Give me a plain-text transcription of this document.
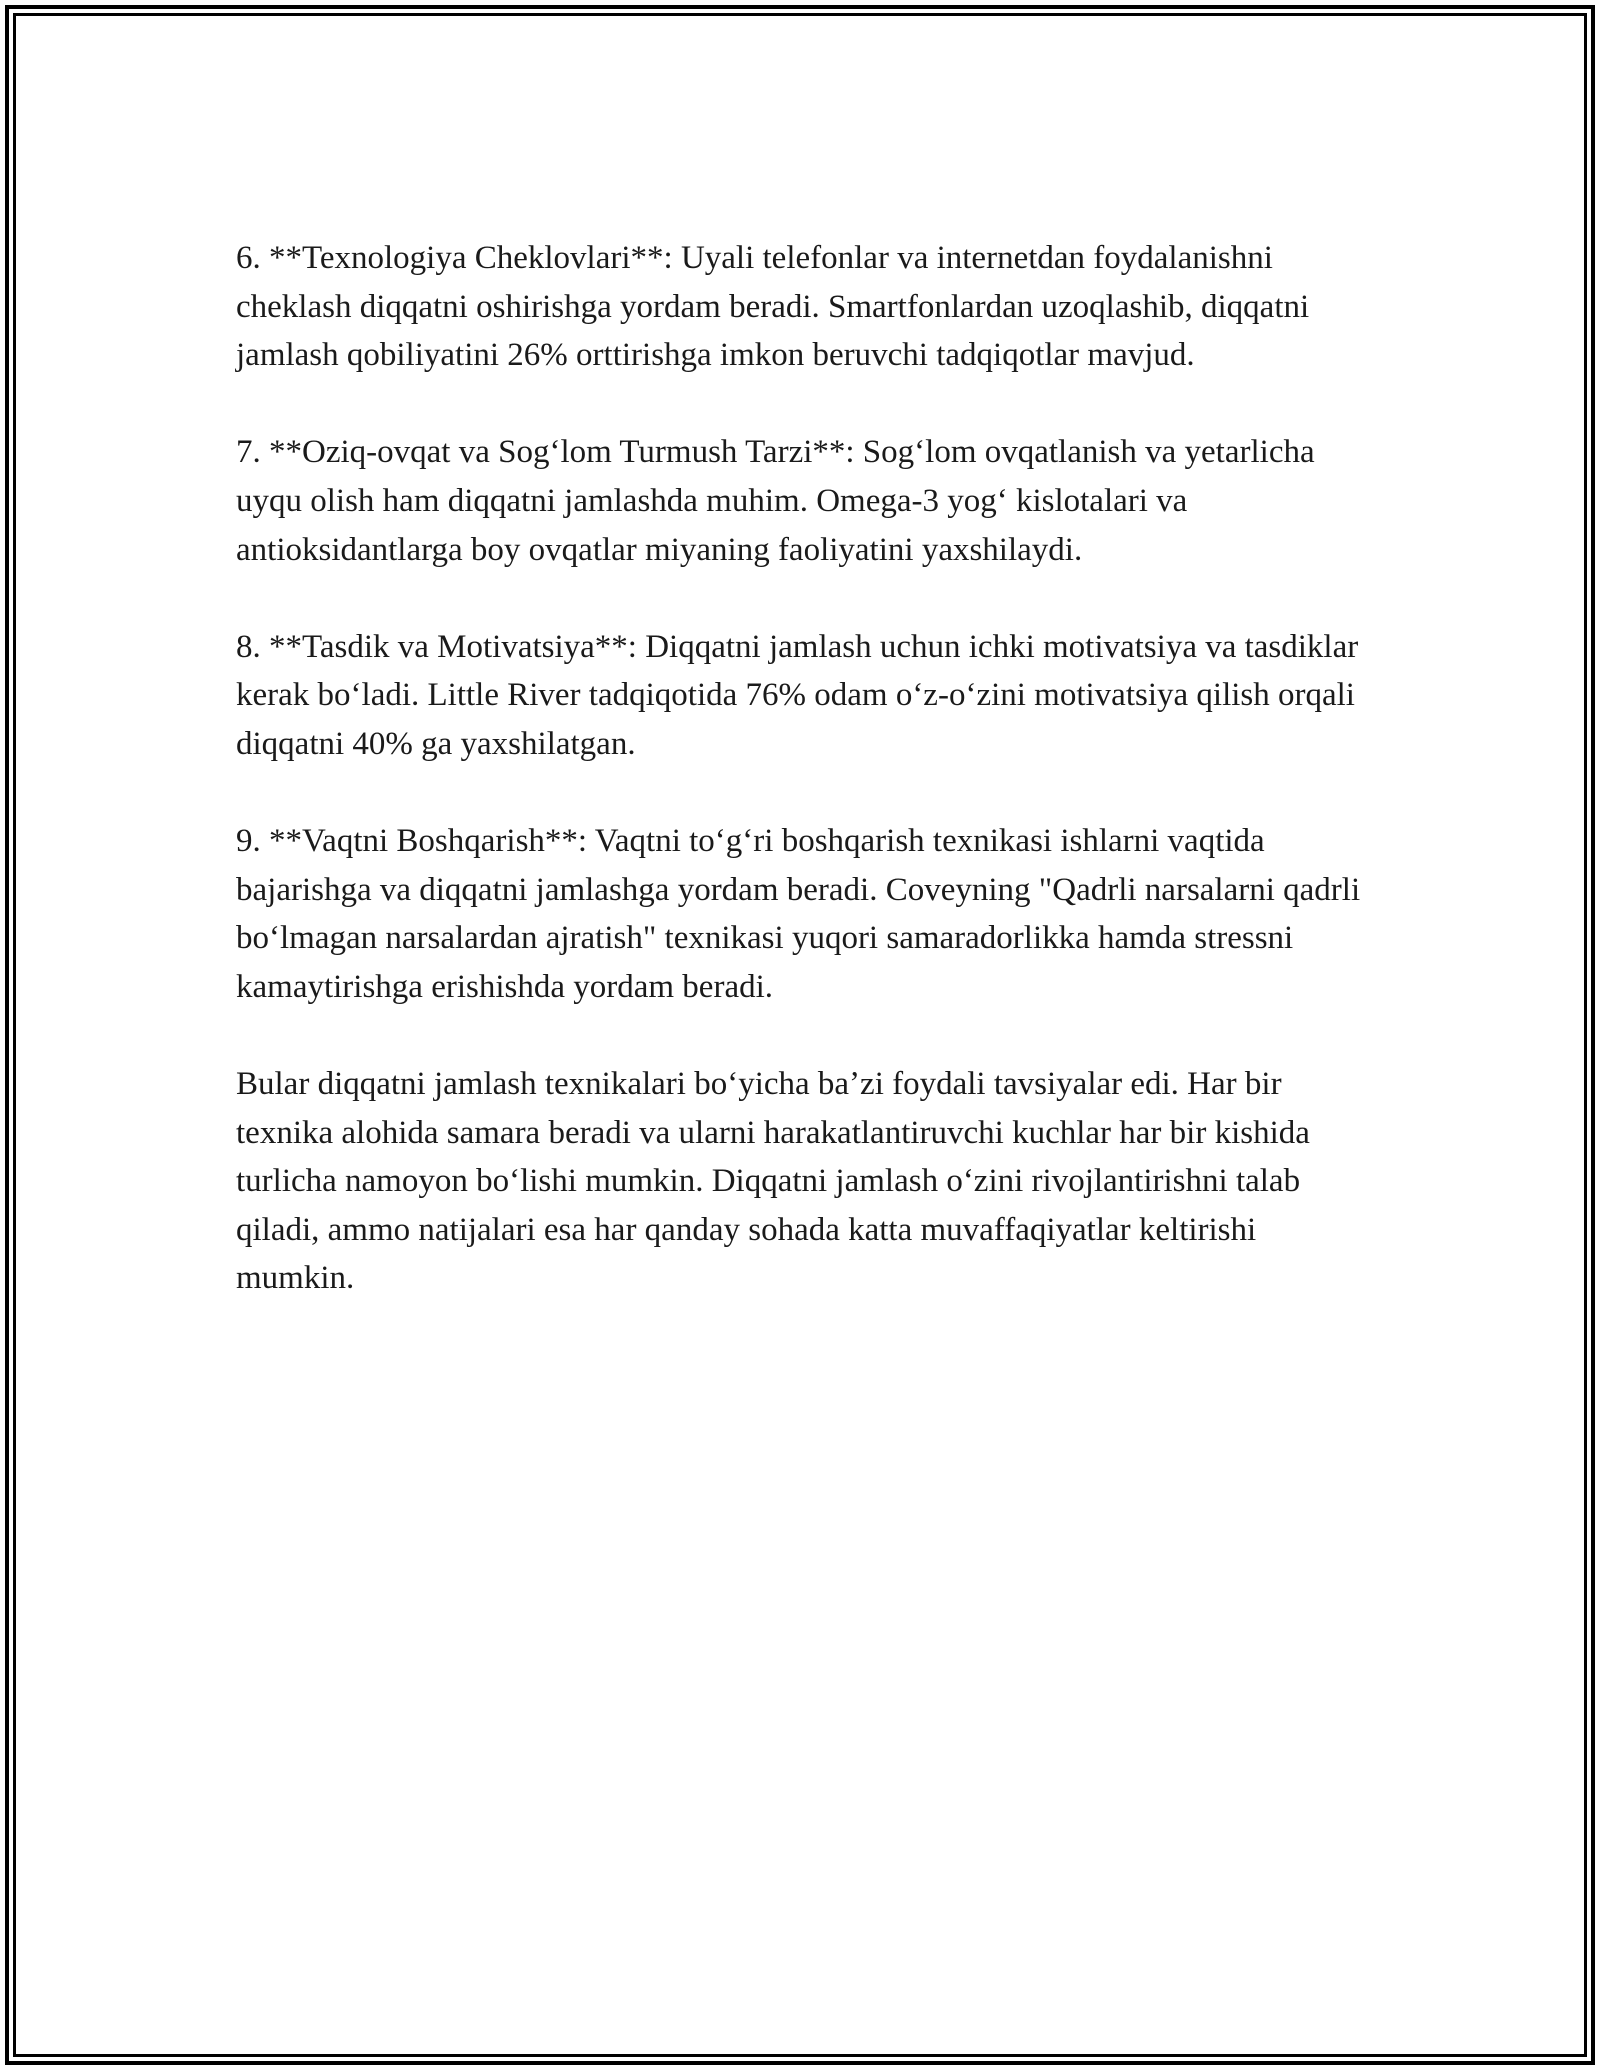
6. **Texnologiya Cheklovlari**: Uyali telefonlar va internetdan foydalanishni cheklash diqqatni oshirishga yordam beradi. Smartfonlardan uzoqlashib, diqqatni jamlash qobiliyatini 26% orttirishga imkon beruvchi tadqiqotlar mavjud.

7. **Oziq-ovqat va Sogʻlom Turmush Tarzi**: Sogʻlom ovqatlanish va yetarlicha uyqu olish ham diqqatni jamlashda muhim. Omega-3 yogʻ kislotalari va antioksidantlarga boy ovqatlar miyaning faoliyatini yaxshilaydi.

8. **Tasdik va Motivatsiya**: Diqqatni jamlash uchun ichki motivatsiya va tasdiklar kerak boʻladi. Little River tadqiqotida 76% odam oʻz-oʻzini motivatsiya qilish orqali diqqatni 40% ga yaxshilatgan.

9. **Vaqtni Boshqarish**: Vaqtni toʻgʻri boshqarish texnikasi ishlarni vaqtida bajarishga va diqqatni jamlashga yordam beradi. Coveyning "Qadrli narsalarni qadrli boʻlmagan narsalardan ajratish" texnikasi yuqori samaradorlikka hamda stressni kamaytirishga erishishda yordam beradi.

Bular diqqatni jamlash texnikalari boʻyicha baʼzi foydali tavsiyalar edi. Har bir texnika alohida samara beradi va ularni harakatlantiruvchi kuchlar har bir kishida turlicha namoyon boʻlishi mumkin. Diqqatni jamlash oʻzini rivojlantirishni talab qiladi, ammo natijalari esa har qanday sohada katta muvaffaqiyatlar keltirishi mumkin.
